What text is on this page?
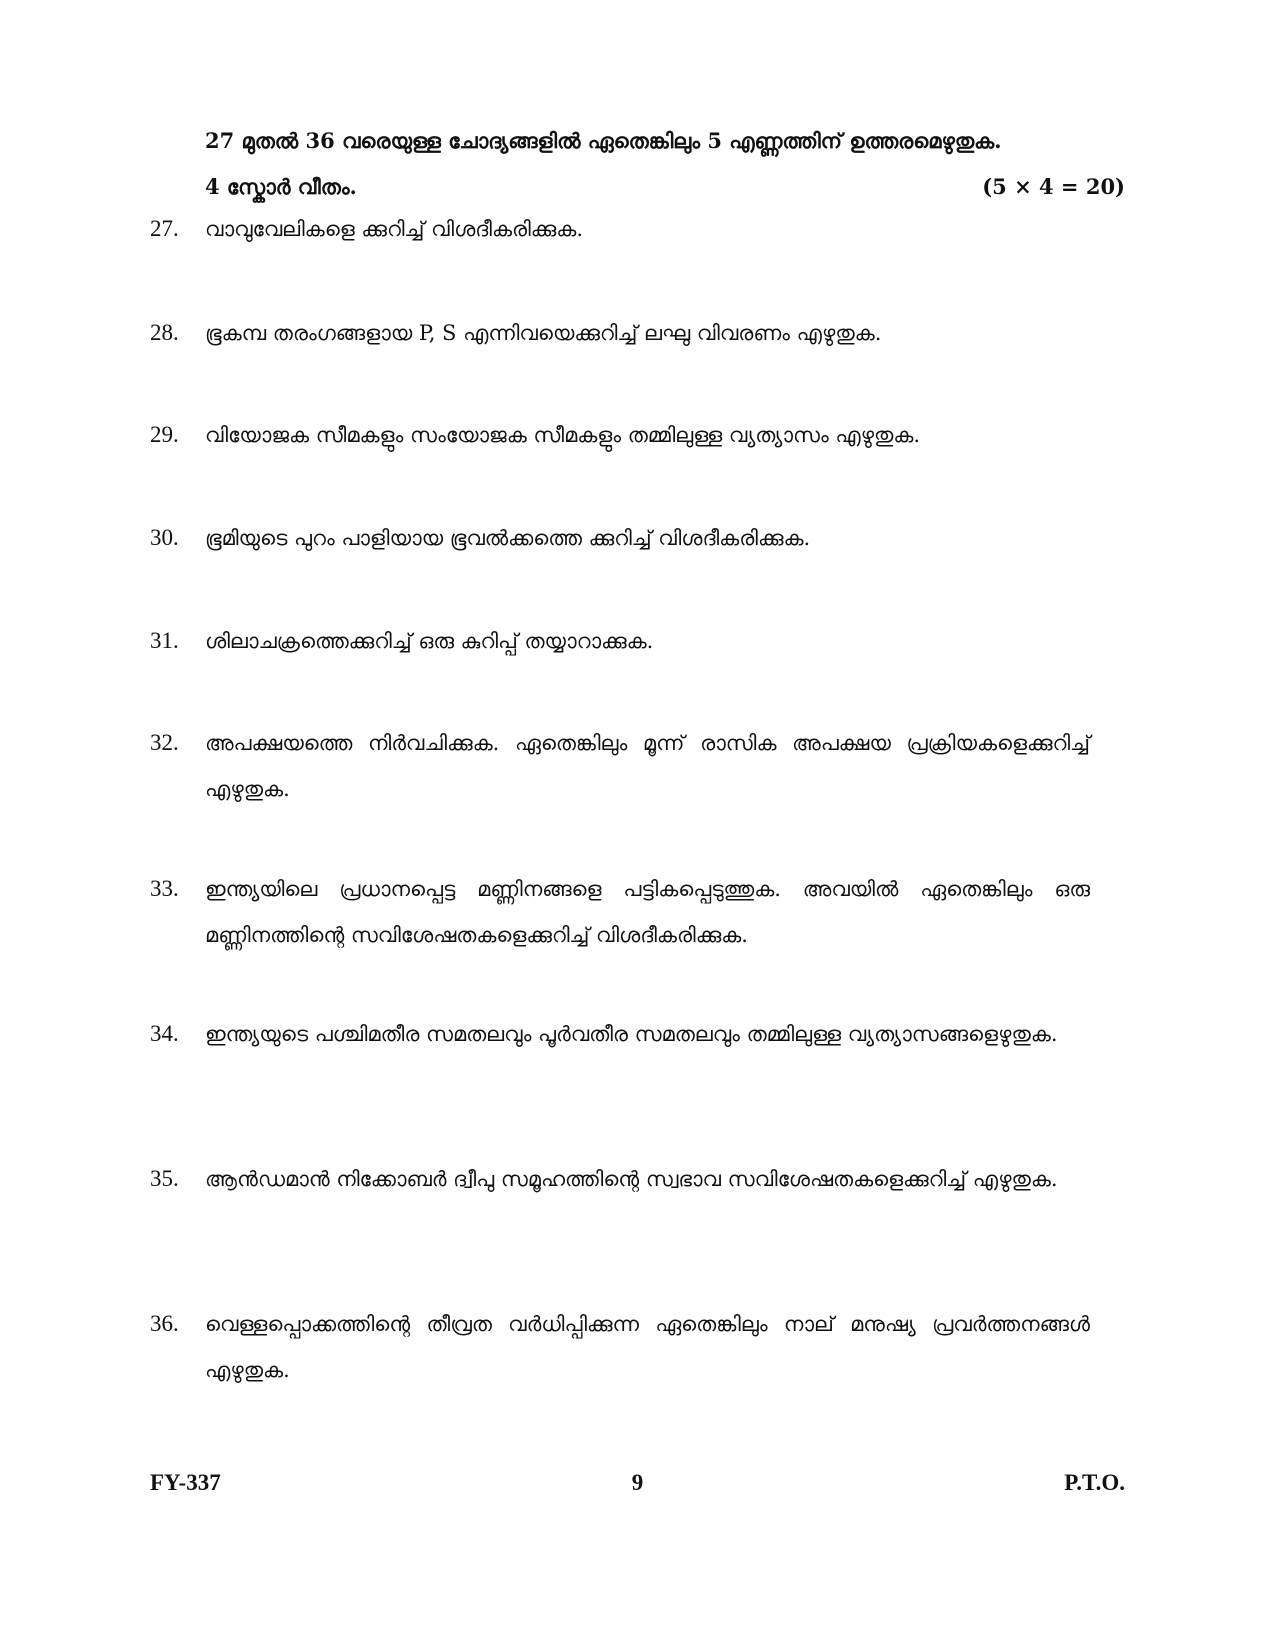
27 മുതൽ 36 വരെയുള്ള ചോദ്യങ്ങളിൽ ഏതെങ്കിലും 5 എണ്ണത്തിന് ഉത്തരമെഴുതുക.
4 സ്കോർ വീതം.	(5 × 4 = 20)
27.	വാവുവേലികളെ ക്കുറിച്ച് വിശദീകരിക്കുക.
28.	ഭൂകമ്പ തരംഗങ്ങളായ P, S എന്നിവയെക്കുറിച്ച് ലഘു വിവരണം എഴുതുക.
29.	വിയോജക സീമകളും സംയോജക സീമകളും തമ്മിലുള്ള വ്യത്യാസം എഴുതുക.
30.	ഭൂമിയുടെ പുറം പാളിയായ ഭൂവൽക്കത്തെ ക്കുറിച്ച് വിശദീകരിക്കുക.
31.	ശിലാചക്രത്തെക്കുറിച്ച് ഒരു കുറിപ്പ് തയ്യാറാക്കുക.
32.	അപക്ഷയത്തെ നിർവചിക്കുക. ഏതെങ്കിലും മൂന്ന് രാസിക അപക്ഷയ പ്രക്രിയകളെക്കുറിച്ച് എഴുതുക.
33.	ഇന്ത്യയിലെ പ്രധാനപ്പെട്ട മണ്ണിനങ്ങളെ പട്ടികപ്പെടുത്തുക. അവയിൽ ഏതെങ്കിലും ഒരു മണ്ണിനത്തിന്റെ സവിശേഷതകളെക്കുറിച്ച് വിശദീകരിക്കുക.
34.	ഇന്ത്യയുടെ പശ്ചിമതീര സമതലവും പൂർവതീര സമതലവും തമ്മിലുള്ള വ്യത്യാസങ്ങളെഴുതുക.
35.	ആൻഡമാൻ നിക്കോബർ ദ്വീപു സമൂഹത്തിന്റെ സ്വഭാവ സവിശേഷതകളെക്കുറിച്ച് എഴുതുക.
36.	വെള്ളപ്പൊക്കത്തിന്റെ തീവ്രത വർധിപ്പിക്കുന്ന ഏതെങ്കിലും നാല് മനുഷ്യ പ്രവർത്തനങ്ങൾ എഴുതുക.
FY-337	9	P.T.O.
